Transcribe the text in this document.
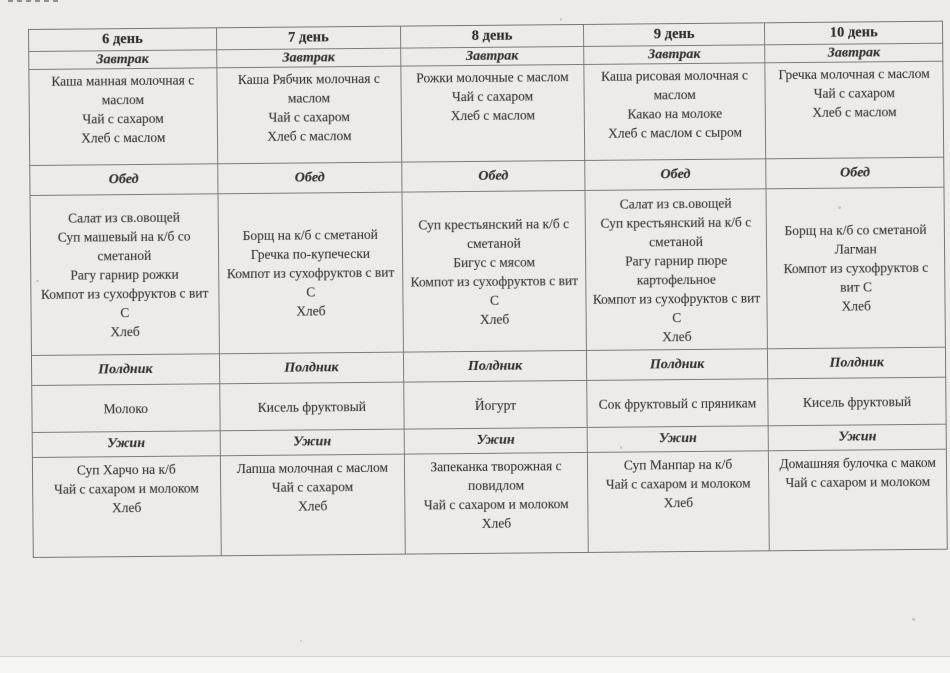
6 день
Завтрак
Каша манная молочная с маслом
Чай с сахаром
Хлеб с маслом
Обед
Салат из св.овощей
Суп машевый на к/б со сметаной
Рагу гарнир рожки
Компот из сухофруктов с вит С
Хлеб
Полдник
Молоко
Ужин
Суп Харчо на к/б
Чай с сахаром и молоком
Хлеб
7 день
Завтрак
Каша Рябчик молочная с маслом
Чай с сахаром
Хлеб с маслом
Обед
Борщ на к/б с сметаной
Гречка по-купечески
Компот из сухофруктов с вит С
Хлеб
Полдник
Кисель фруктовый
Ужин
Лапша молочная с маслом
Чай с сахаром
Хлеб
8 день
Завтрак
Рожки молочные с маслом
Чай с сахаром
Хлеб с маслом
Обед
Суп крестьянский на к/б с сметаной
Бигус с мясом
Компот из сухофруктов с вит С
Хлеб
Полдник
Йогурт
Ужин
Запеканка творожная с повидлом
Чай с сахаром и молоком
Хлеб
9 день
Завтрак
Каша рисовая молочная с маслом
Какао на молоке
Хлеб с маслом с сыром
Обед
Салат из св.овощей
Суп крестьянский на к/б с сметаной
Рагу гарнир пюре картофельное
Компот из сухофруктов с вит С
Хлеб
Полдник
Сок фруктовый с пряникам
Ужин
Суп Манпар на к/б
Чай с сахаром и молоком
Хлеб
10 день
Завтрак
Гречка молочная с маслом
Чай с сахаром
Хлеб с маслом
Обед
Борщ на к/б со сметаной
Лагман
Компот из сухофруктов с вит С
Хлеб
Полдник
Кисель фруктовый
Ужин
Домашняя булочка с маком
Чай с сахаром и молоком
